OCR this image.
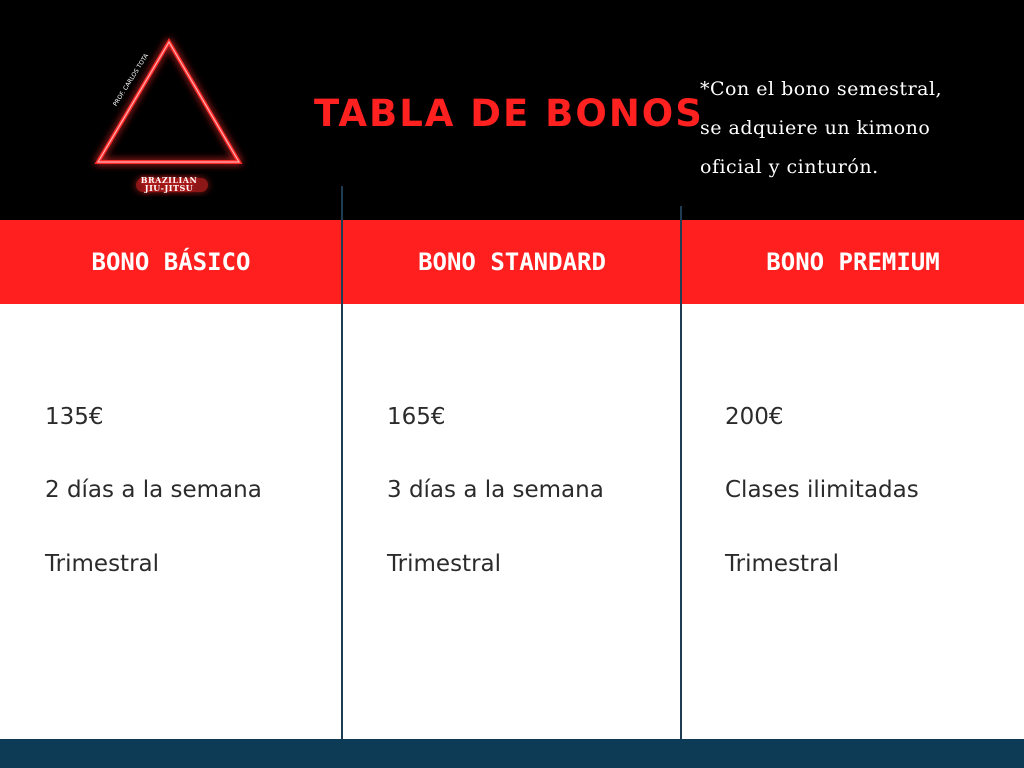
PROF. CARLOS TOTA
BRAZILIAN
JIU-JITSU
TABLA DE BONOS
*Con el bono semestral,
se adquiere un kimono
oficial y cinturón.
BONO BÁSICO	BONO STANDARD	BONO PREMIUM
135€
2 días a la semana
Trimestral
165€
3 días a la semana
Trimestral
200€
Clases ilimitadas
Trimestral
